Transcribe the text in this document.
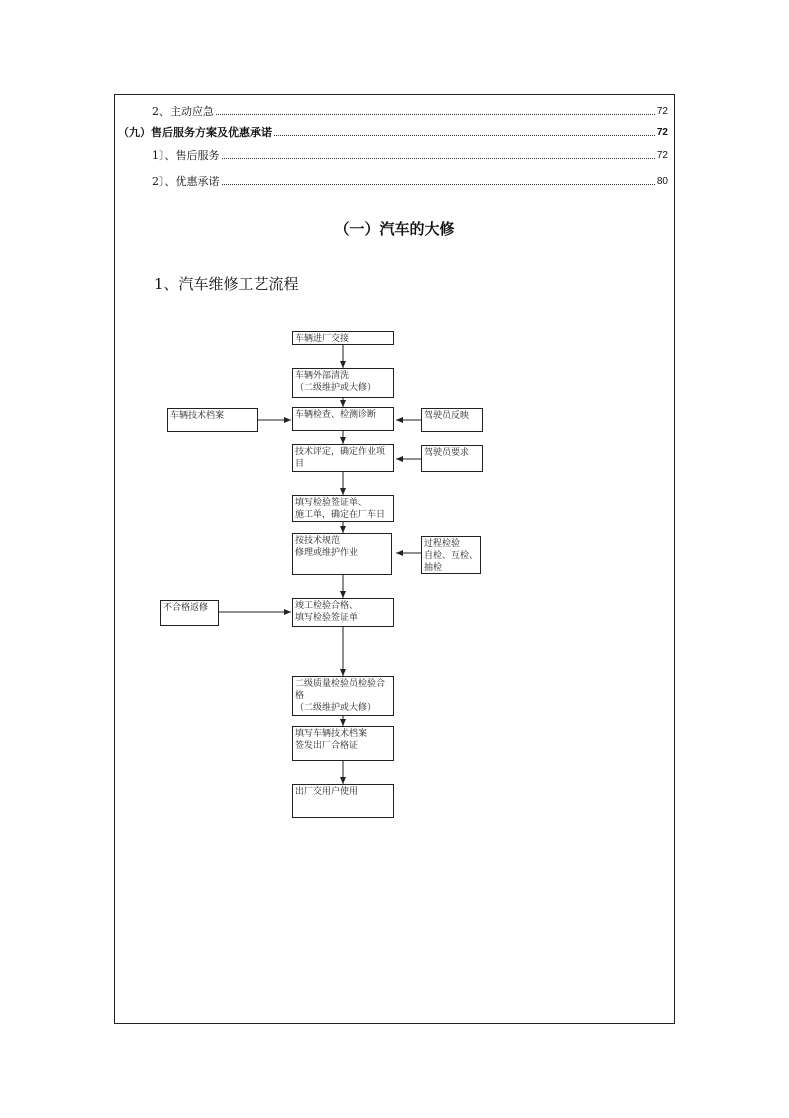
2、主动应急	72
（九）售后服务方案及优惠承诺	72
1〕、售后服务	72
2〕、优惠承诺	80
（一）汽车的大修
1、汽车维修工艺流程
车辆进厂交接
车辆外部清洗
（二级维护或大修）
车辆检查、检测诊断
技术评定，确定作业项目
填写检验签证单、
施工单，确定在厂车日
按技术规范
修理或维护作业
竣工检验合格、
填写检验签证单
二级质量检验员检验合格
（二级维护或大修）
填写车辆技术档案
签发出厂合格证
出厂交用户使用
车辆技术档案	驾驶员反映
驾驶员要求
过程检验
自检、互检、
抽检
不合格返修
